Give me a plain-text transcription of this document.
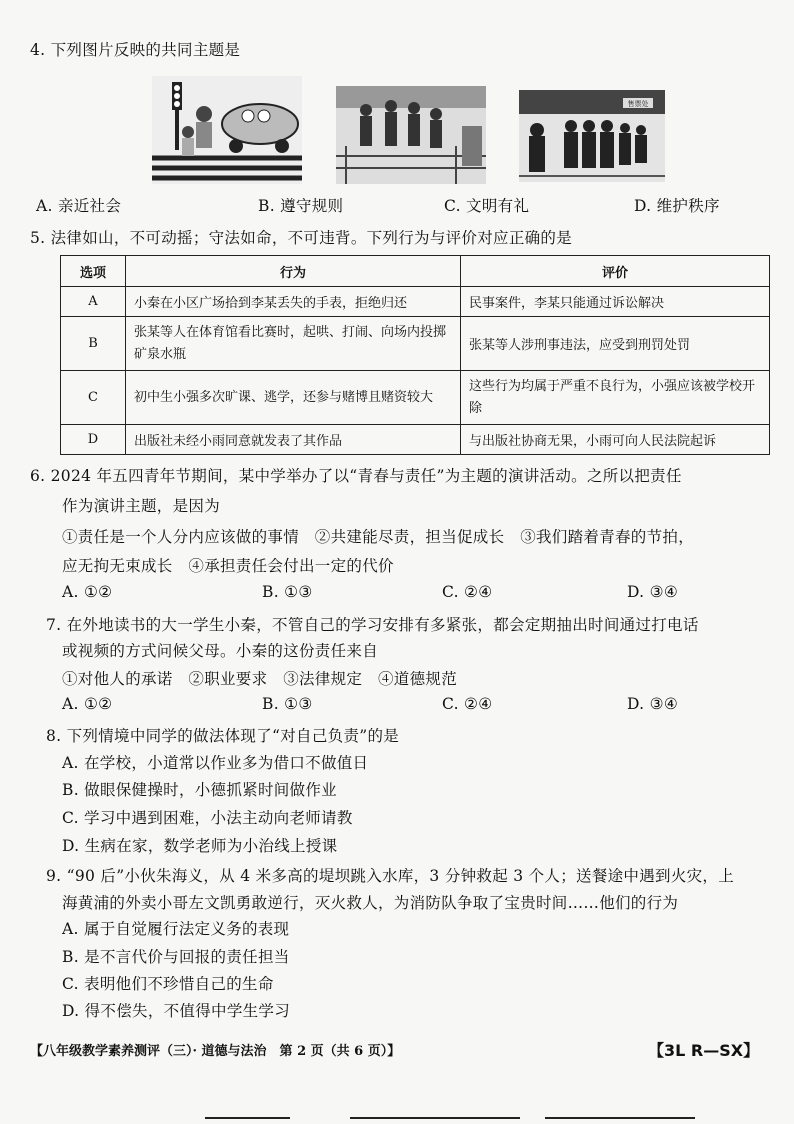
4. 下列图片反映的共同主题是
售票处
A. 亲近社会	B. 遵守规则	C. 文明有礼	D. 维护秩序
5. 法律如山，不可动摇；守法如命，不可违背。下列行为与评价对应正确的是
选项	行为	评价
A	小秦在小区广场拾到李某丢失的手表，拒绝归还	民事案件，李某只能通过诉讼解决
B	张某等人在体育馆看比赛时，起哄、打闹、向场内投掷矿泉水瓶	张某等人涉刑事违法，应受到刑罚处罚
C	初中生小强多次旷课、逃学，还参与赌博且赌资较大	这些行为均属于严重不良行为，小强应该被学校开除
D	出版社未经小雨同意就发表了其作品	与出版社协商无果，小雨可向人民法院起诉
6. 2024 年五四青年节期间，某中学举办了以“青春与责任”为主题的演讲活动。之所以把责任
作为演讲主题，是因为
①责任是一个人分内应该做的事情　②共建能尽责，担当促成长　③我们踏着青春的节拍，
应无拘无束成长　④承担责任会付出一定的代价
A. ①②	B. ①③	C. ②④	D. ③④
7. 在外地读书的大一学生小秦，不管自己的学习安排有多紧张，都会定期抽出时间通过打电话
或视频的方式问候父母。小秦的这份责任来自
①对他人的承诺　②职业要求　③法律规定　④道德规范
A. ①②	B. ①③	C. ②④	D. ③④
8. 下列情境中同学的做法体现了“对自己负责”的是
A. 在学校，小道常以作业多为借口不做值日
B. 做眼保健操时，小德抓紧时间做作业
C. 学习中遇到困难，小法主动向老师请教
D. 生病在家，数学老师为小治线上授课
9. “90 后”小伙朱海义，从 4 米多高的堤坝跳入水库，3 分钟救起 3 个人；送餐途中遇到火灾，上
海黄浦的外卖小哥左文凯勇敢逆行，灭火救人，为消防队争取了宝贵时间……他们的行为
A. 属于自觉履行法定义务的表现
B. 是不言代价与回报的责任担当
C. 表明他们不珍惜自己的生命
D. 得不偿失，不值得中学生学习
【八年级教学素养测评（三）· 道德与法治　第 2 页（共 6 页）】	【3L R—SX】
